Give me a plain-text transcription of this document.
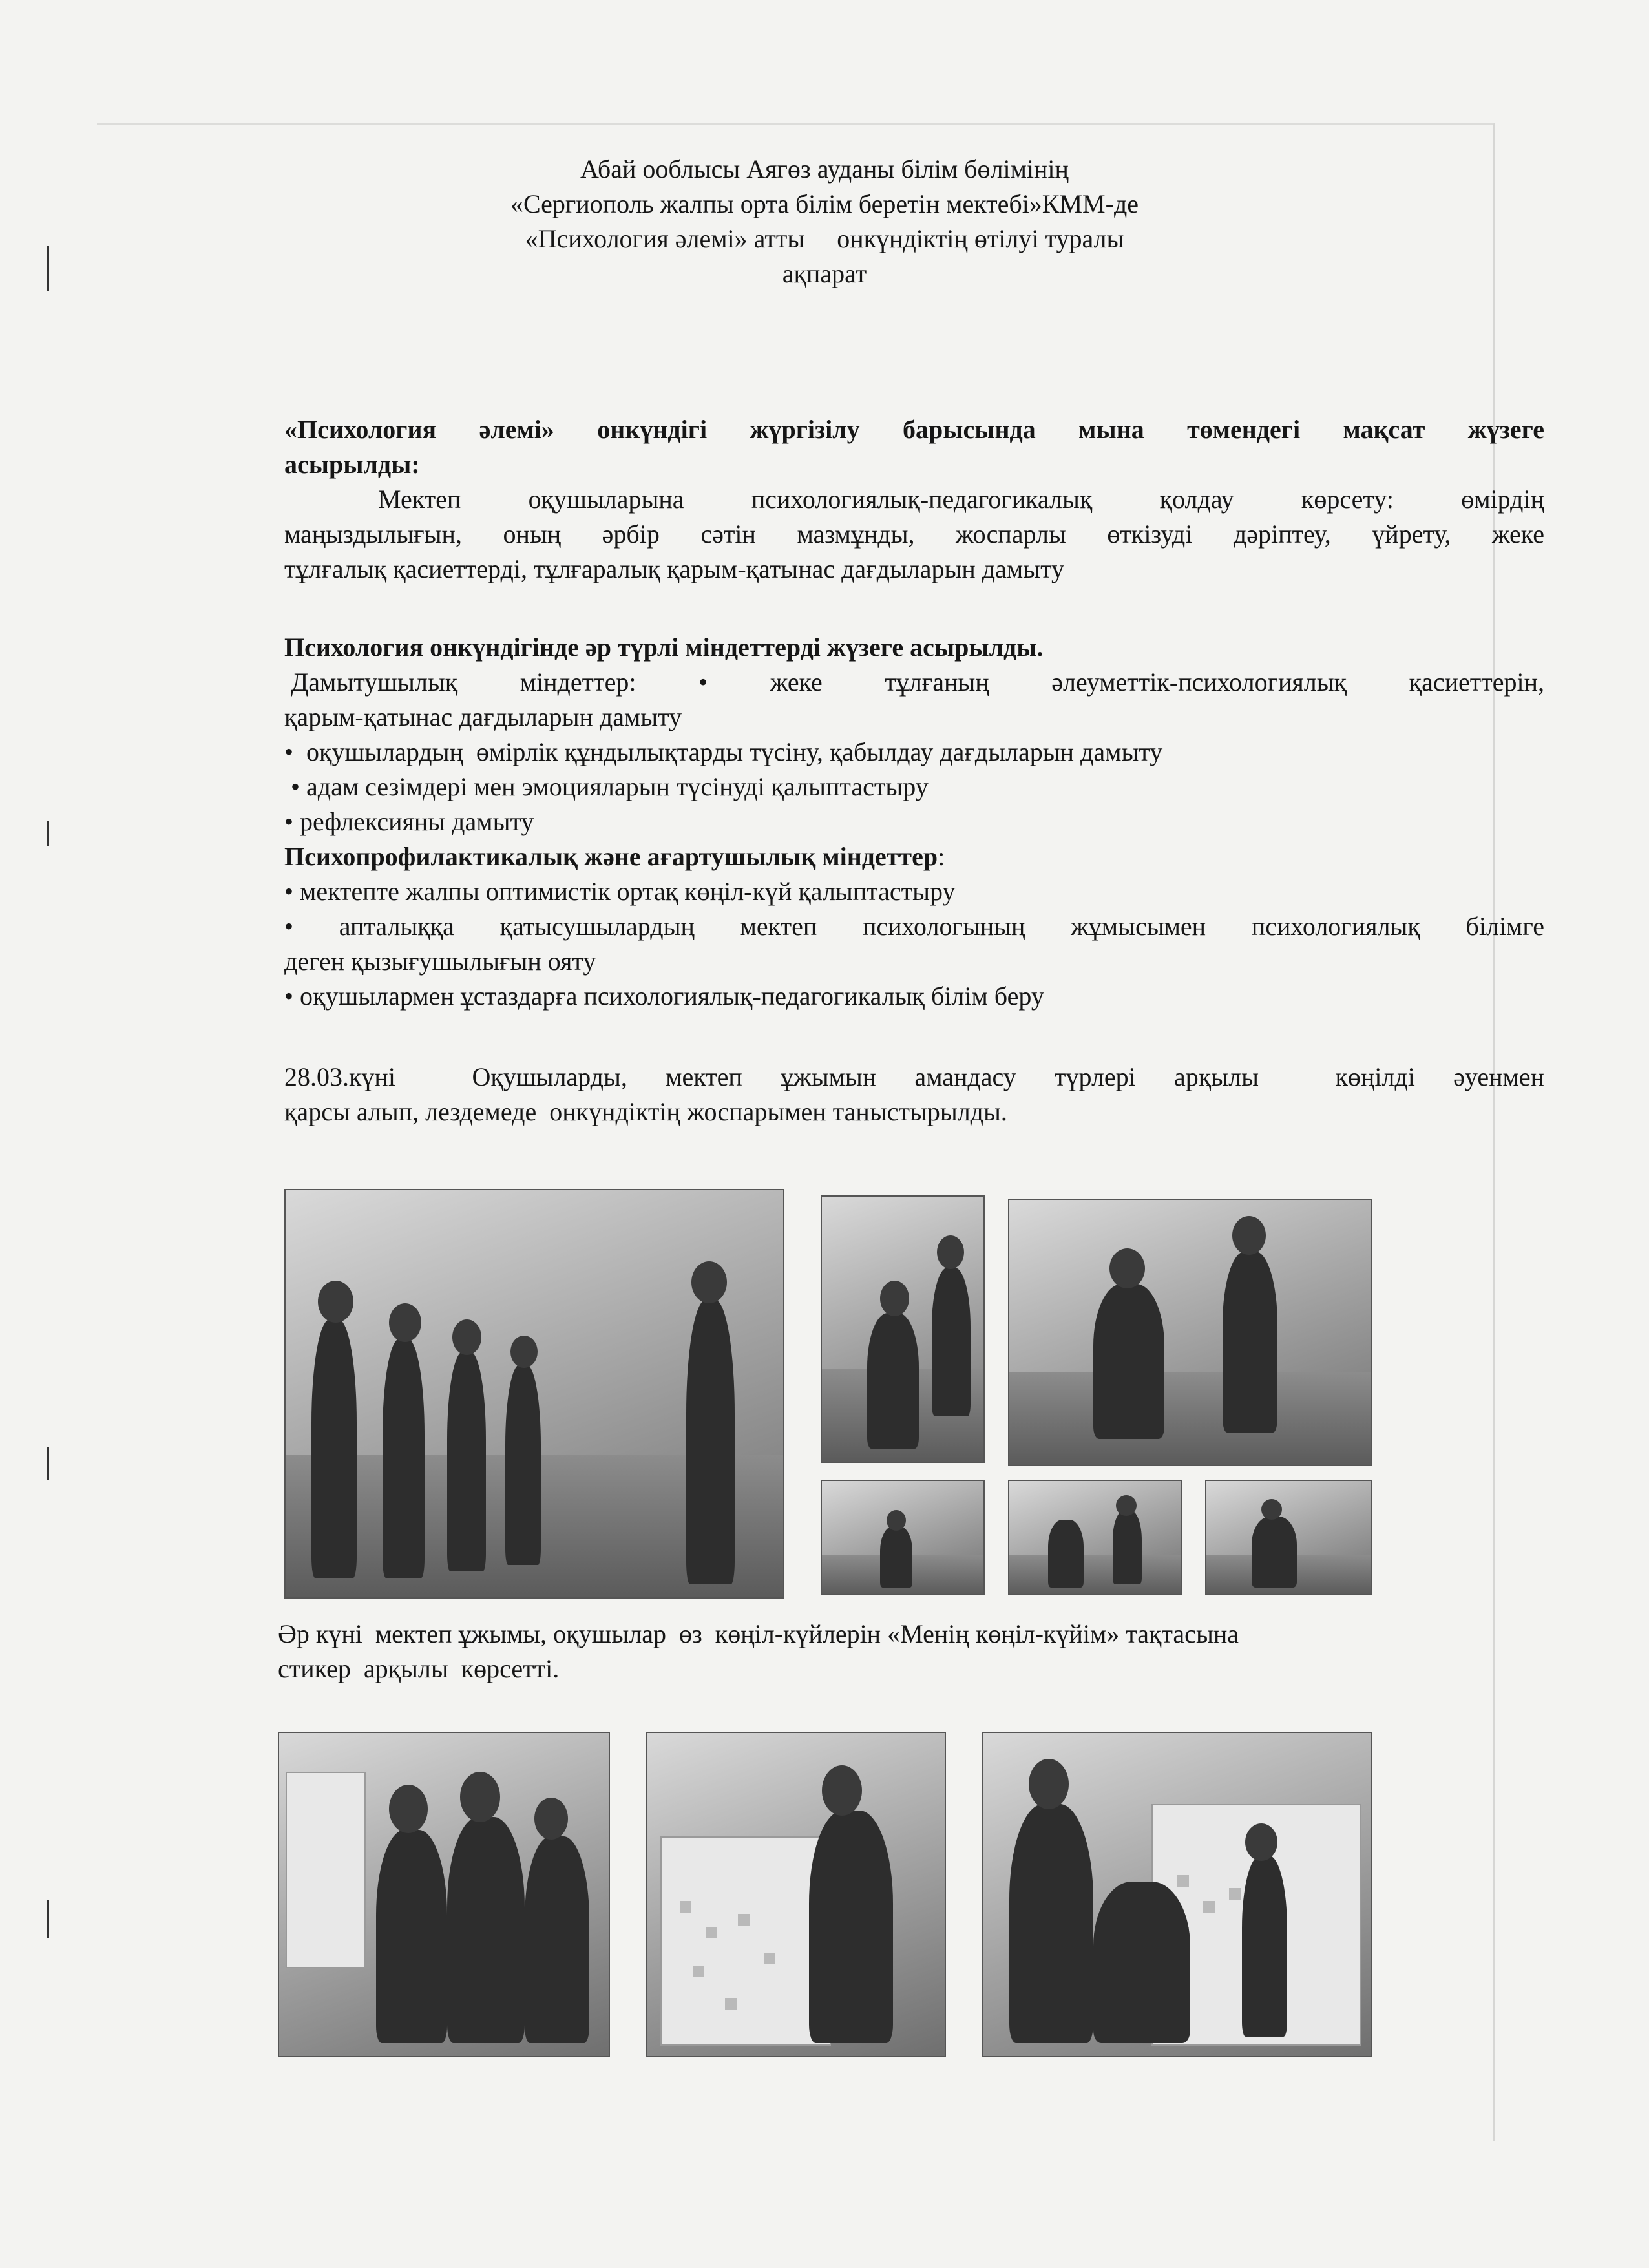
Абай ооблысы Аягөз ауданы білім бөлімінің
«Сергиополь жалпы орта білім беретін мектебі»КММ-де
«Психология әлемі» атты     онкүндіктің өтілуі туралы
ақпарат
«Психология әлемі» онкүндігі жүргізілу барысында мына төмендегі мақсат жүзеге
асырылды:
Мектеп оқушыларына психологиялық-педагогикалық қолдау көрсету: өмірдің
маңыздылығын, оның әрбір сәтін мазмұнды, жоспарлы өткізуді дәріптеу, үйрету, жеке
тұлғалық қасиеттерді, тұлғаралық қарым-қатынас дағдыларын дамыту
Психология онкүндігінде әр түрлі міндеттерді жүзеге асырылды.
Дамытушылық міндеттер: • жеке тұлғаның әлеуметтік-психологиялық қасиеттерін,
қарым-қатынас дағдыларын дамыту
•  оқушылардың  өмірлік құндылықтарды түсіну, қабылдау дағдыларын дамыту
• адам сезімдері мен эмоцияларын түсінуді қалыптастыру
• рефлексияны дамыту
Психопрофилактикалық және ағартушылық міндеттер:
• мектепте жалпы оптимистік ортақ көңіл-күй қалыптастыру
• апталыққа қатысушылардың мектеп психологының жұмысымен психологиялық білімге
деген қызығушылығын ояту
• оқушылармен ұстаздарға психологиялық-педагогикалық білім беру
28.03.күні  Оқушыларды, мектеп ұжымын амандасу түрлері арқылы  көңілді әуенмен
қарсы алып, лездемеде  онкүндіктің жоспарымен таныстырылды.
Әр күні  мектеп ұжымы, оқушылар  өз  көңіл-күйлерін «Менің көңіл-күйім» тақтасына
стикер  арқылы  көрсетті.
